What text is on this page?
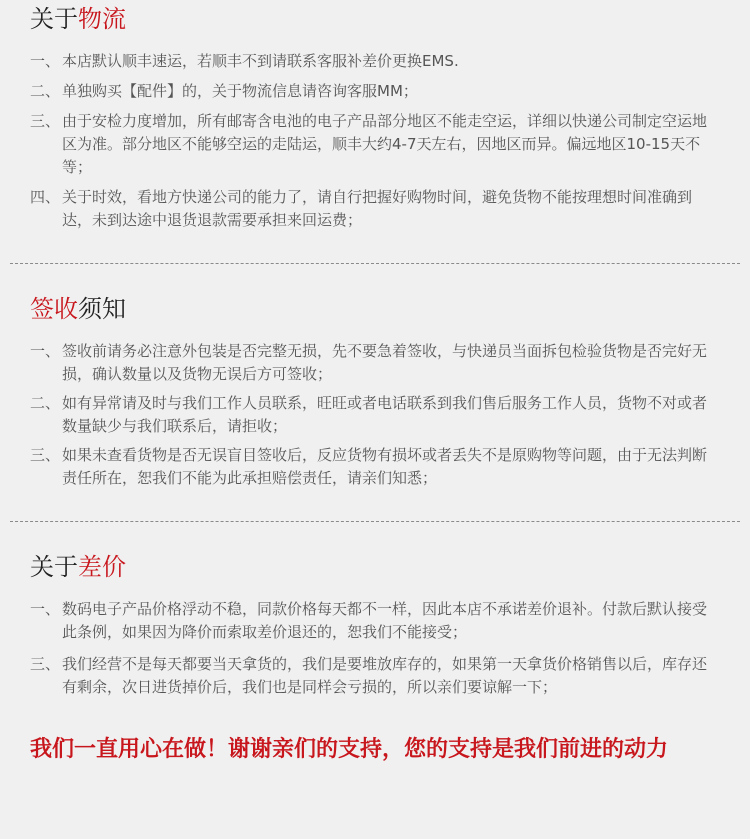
关于物流
一、 本店默认顺丰速运，若顺丰不到请联系客服补差价更换EMS.
二、 单独购买【配件】的，关于物流信息请咨询客服MM；
三、 由于安检力度增加，所有邮寄含电池的电子产品部分地区不能走空运，详细以快递公司制定空运地区为准。部分地区不能够空运的走陆运，顺丰大约4-7天左右，因地区而异。偏远地区10-15天不等；
四、 关于时效，看地方快递公司的能力了，请自行把握好购物时间，避免货物不能按理想时间准确到达，未到达途中退货退款需要承担来回运费；
签收须知
一、 签收前请务必注意外包装是否完整无损，先不要急着签收，与快递员当面拆包检验货物是否完好无损，确认数量以及货物无误后方可签收；
二、 如有异常请及时与我们工作人员联系，旺旺或者电话联系到我们售后服务工作人员，货物不对或者数量缺少与我们联系后，请拒收；
三、 如果未查看货物是否无误盲目签收后，反应货物有损坏或者丢失不是原购物等问题，由于无法判断责任所在，恕我们不能为此承担赔偿责任，请亲们知悉；
关于差价
一、 数码电子产品价格浮动不稳，同款价格每天都不一样，因此本店不承诺差价退补。付款后默认接受此条例，如果因为降价而索取差价退还的，恕我们不能接受；
三、 我们经营不是每天都要当天拿货的，我们是要堆放库存的，如果第一天拿货价格销售以后，库存还有剩余，次日进货掉价后，我们也是同样会亏损的，所以亲们要谅解一下；
我们一直用心在做！谢谢亲们的支持，您的支持是我们前进的动力
